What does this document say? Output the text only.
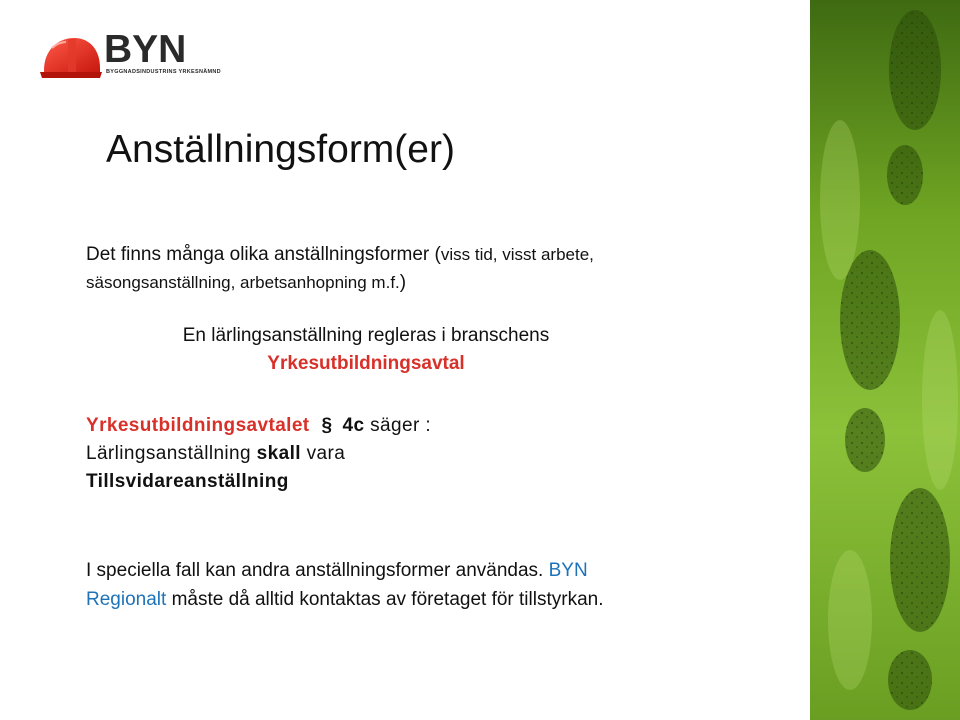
BYN
BYGGNADSINDUSTRINS YRKESNÄMND
Anställningsform(er)
Det finns många olika anställningsformer (viss tid, visst arbete, säsongsanställning, arbetsanhopning m.f.)
En lärlingsanställning regleras i branschens
Yrkesutbildningsavtal
Yrkesutbildningsavtalet § 4c säger :
Lärlingsanställning skall vara
Tillsvidareanställning
I speciella fall kan andra anställningsformer användas. BYN Regionalt måste då alltid kontaktas av företaget för tillstyrkan.
